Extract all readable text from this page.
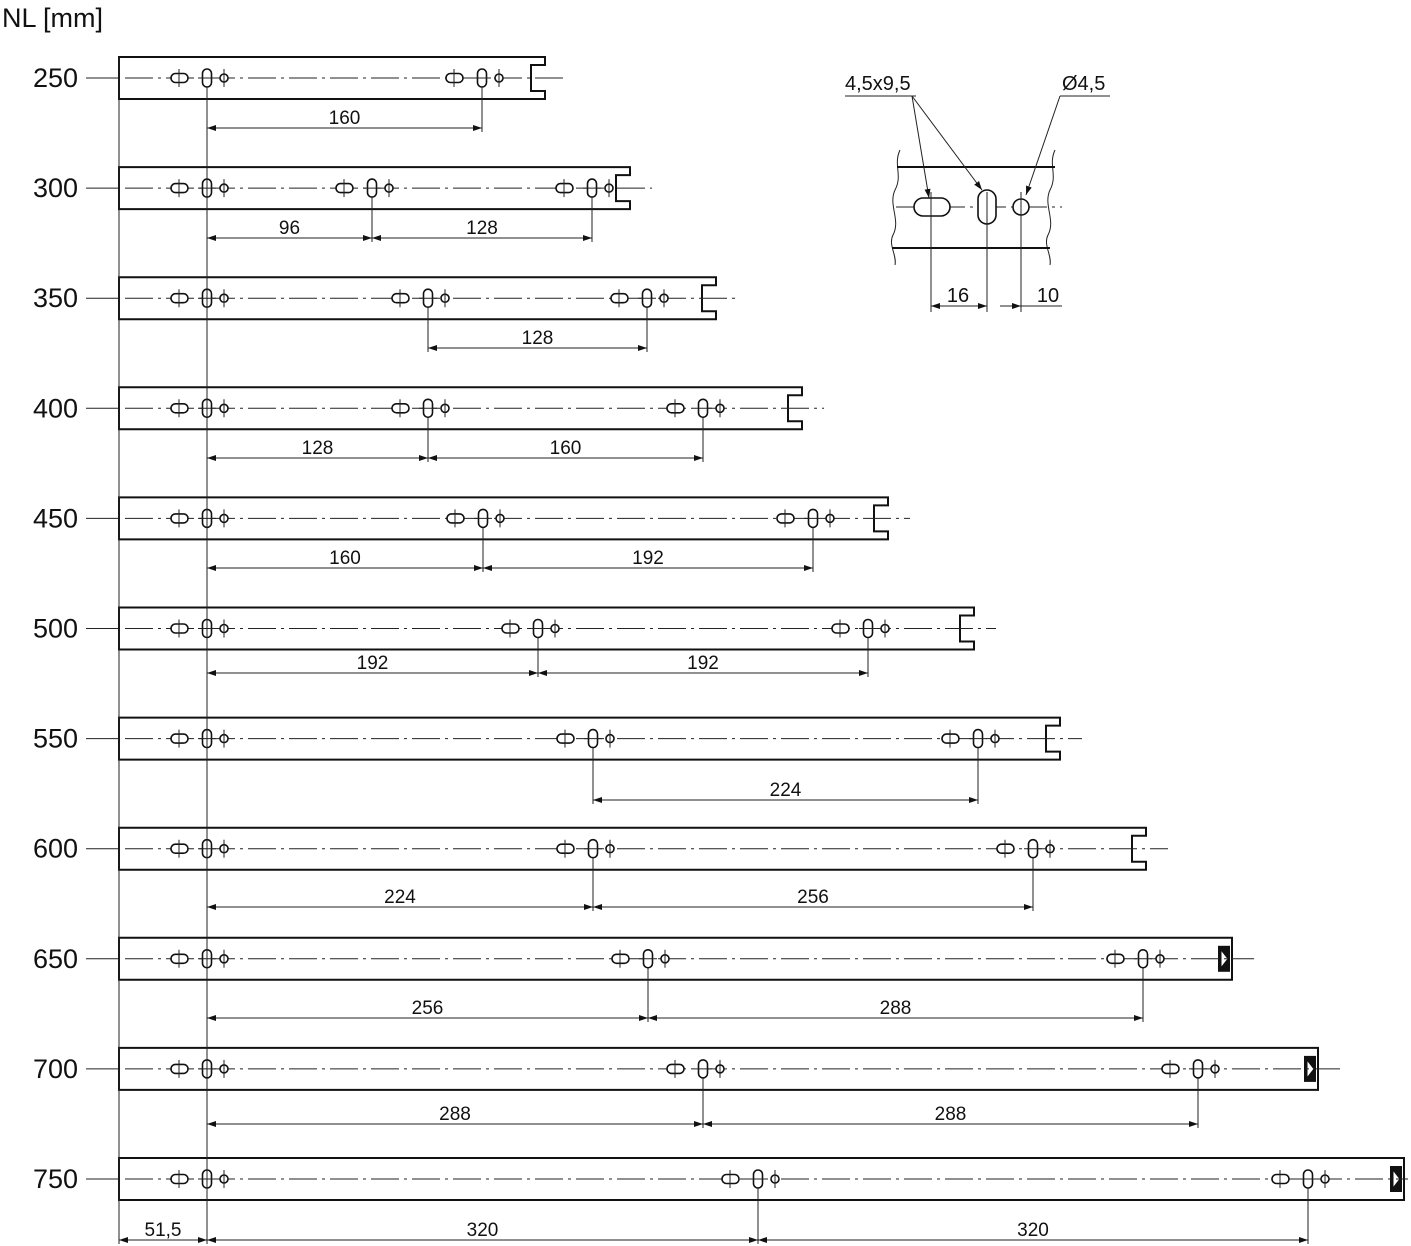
NL [mm]
250
160
300
96	128
350
128
400
128	160
450
160	192
500
192	192
550
224
600
224	256
650
256	288
700
288	288
750
320	320
51,5
16	10
4,5x9,5	Ø4,5
